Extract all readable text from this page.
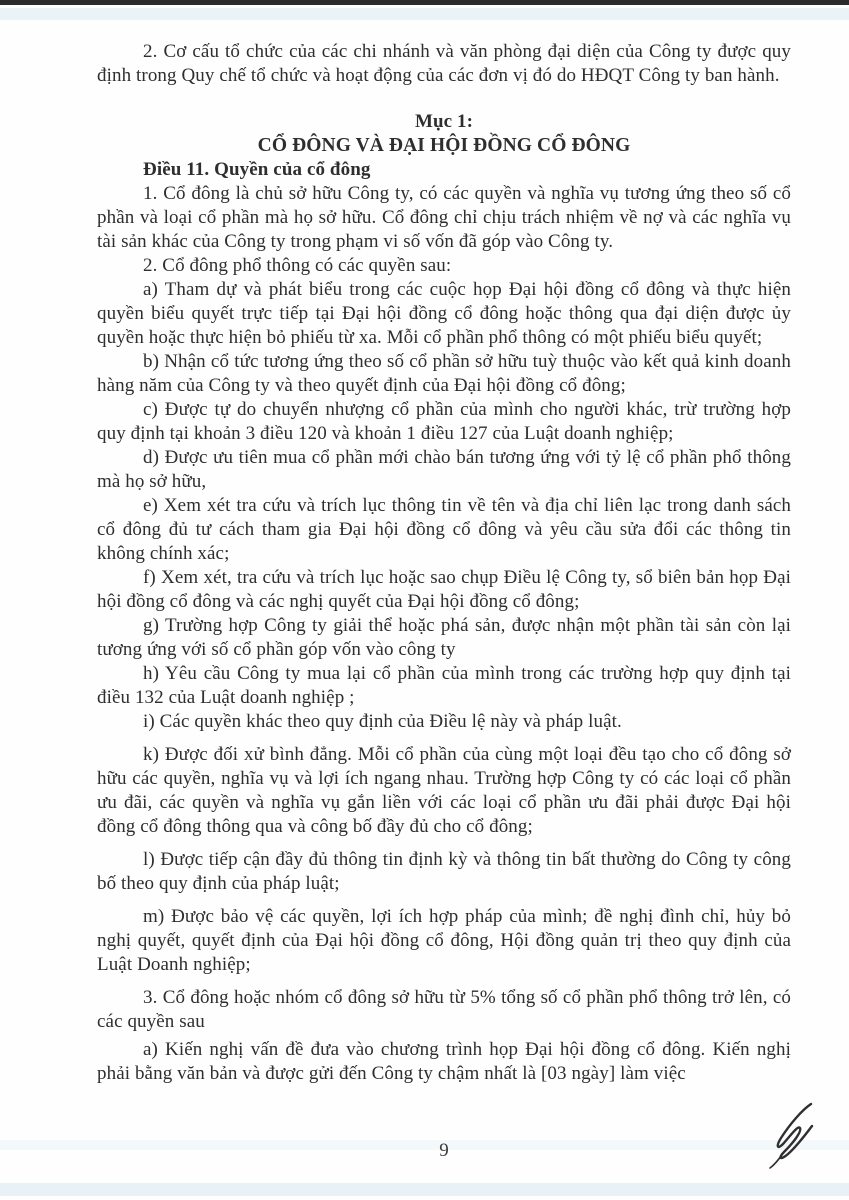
2. Cơ cấu tổ chức của các chi nhánh và văn phòng đại diện của Công ty được quy định trong Quy chế tổ chức và hoạt động của các đơn vị đó do HĐQT Công ty ban hành.

Mục 1:

CỔ ĐÔNG VÀ ĐẠI HỘI ĐỒNG CỔ ĐÔNG

Điều 11. Quyền của cổ đông

1. Cổ đông là chủ sở hữu Công ty, có các quyền và nghĩa vụ tương ứng theo số cổ phần và loại cổ phần mà họ sở hữu. Cổ đông chỉ chịu trách nhiệm về nợ và các nghĩa vụ tài sản khác của Công ty trong phạm vi số vốn đã góp vào Công ty.

2. Cổ đông phổ thông có các quyền sau:

a) Tham dự và phát biểu trong các cuộc họp Đại hội đồng cổ đông và thực hiện quyền biểu quyết trực tiếp tại Đại hội đồng cổ đông hoặc thông qua đại diện được ủy quyền hoặc thực hiện bỏ phiếu từ xa. Mỗi cổ phần phổ thông có một phiếu biểu quyết;

b) Nhận cổ tức tương ứng theo số cổ phần sở hữu tuỳ thuộc vào kết quả kinh doanh hàng năm của Công ty và theo quyết định của Đại hội đồng cổ đông;

c) Được tự do chuyển nhượng cổ phần của mình cho người khác, trừ trường hợp quy định tại khoản 3 điều 120 và khoản 1 điều 127 của Luật doanh nghiệp;

d) Được ưu tiên mua cổ phần mới chào bán tương ứng với tỷ lệ cổ phần phổ thông mà họ sở hữu,

e) Xem xét tra cứu và trích lục thông tin về tên và địa chỉ liên lạc trong danh sách cổ đông đủ tư cách tham gia Đại hội đồng cổ đông và yêu cầu sửa đổi các thông tin không chính xác;

f) Xem xét, tra cứu và trích lục hoặc sao chụp Điều lệ Công ty, sổ biên bản họp Đại hội đồng cổ đông và các nghị quyết của Đại hội đồng cổ đông;

g) Trường hợp Công ty giải thể hoặc phá sản, được nhận một phần tài sản còn lại tương ứng với số cổ phần góp vốn vào công ty

h) Yêu cầu Công ty mua lại cổ phần của mình trong các trường hợp quy định tại điều 132 của Luật doanh nghiệp ;

i) Các quyền khác theo quy định của Điều lệ này và pháp luật.

k) Được đối xử bình đẳng. Mỗi cổ phần của cùng một loại đều tạo cho cổ đông sở hữu các quyền, nghĩa vụ và lợi ích ngang nhau. Trường hợp Công ty có các loại cổ phần ưu đãi, các quyền và nghĩa vụ gắn liền với các loại cổ phần ưu đãi phải được Đại hội đồng cổ đông thông qua và công bố đầy đủ cho cổ đông;

l) Được tiếp cận đầy đủ thông tin định kỳ và thông tin bất thường do Công ty công bố theo quy định của pháp luật;

m) Được bảo vệ các quyền, lợi ích hợp pháp của mình; đề nghị đình chỉ, hủy bỏ nghị quyết, quyết định của Đại hội đồng cổ đông, Hội đồng quản trị theo quy định của Luật Doanh nghiệp;

3. Cổ đông hoặc nhóm cổ đông sở hữu từ 5% tổng số cổ phần phổ thông trở lên, có các quyền sau

a) Kiến nghị vấn đề đưa vào chương trình họp Đại hội đồng cổ đông. Kiến nghị phải bằng văn bản và được gửi đến Công ty chậm nhất là [03 ngày] làm việc

9
